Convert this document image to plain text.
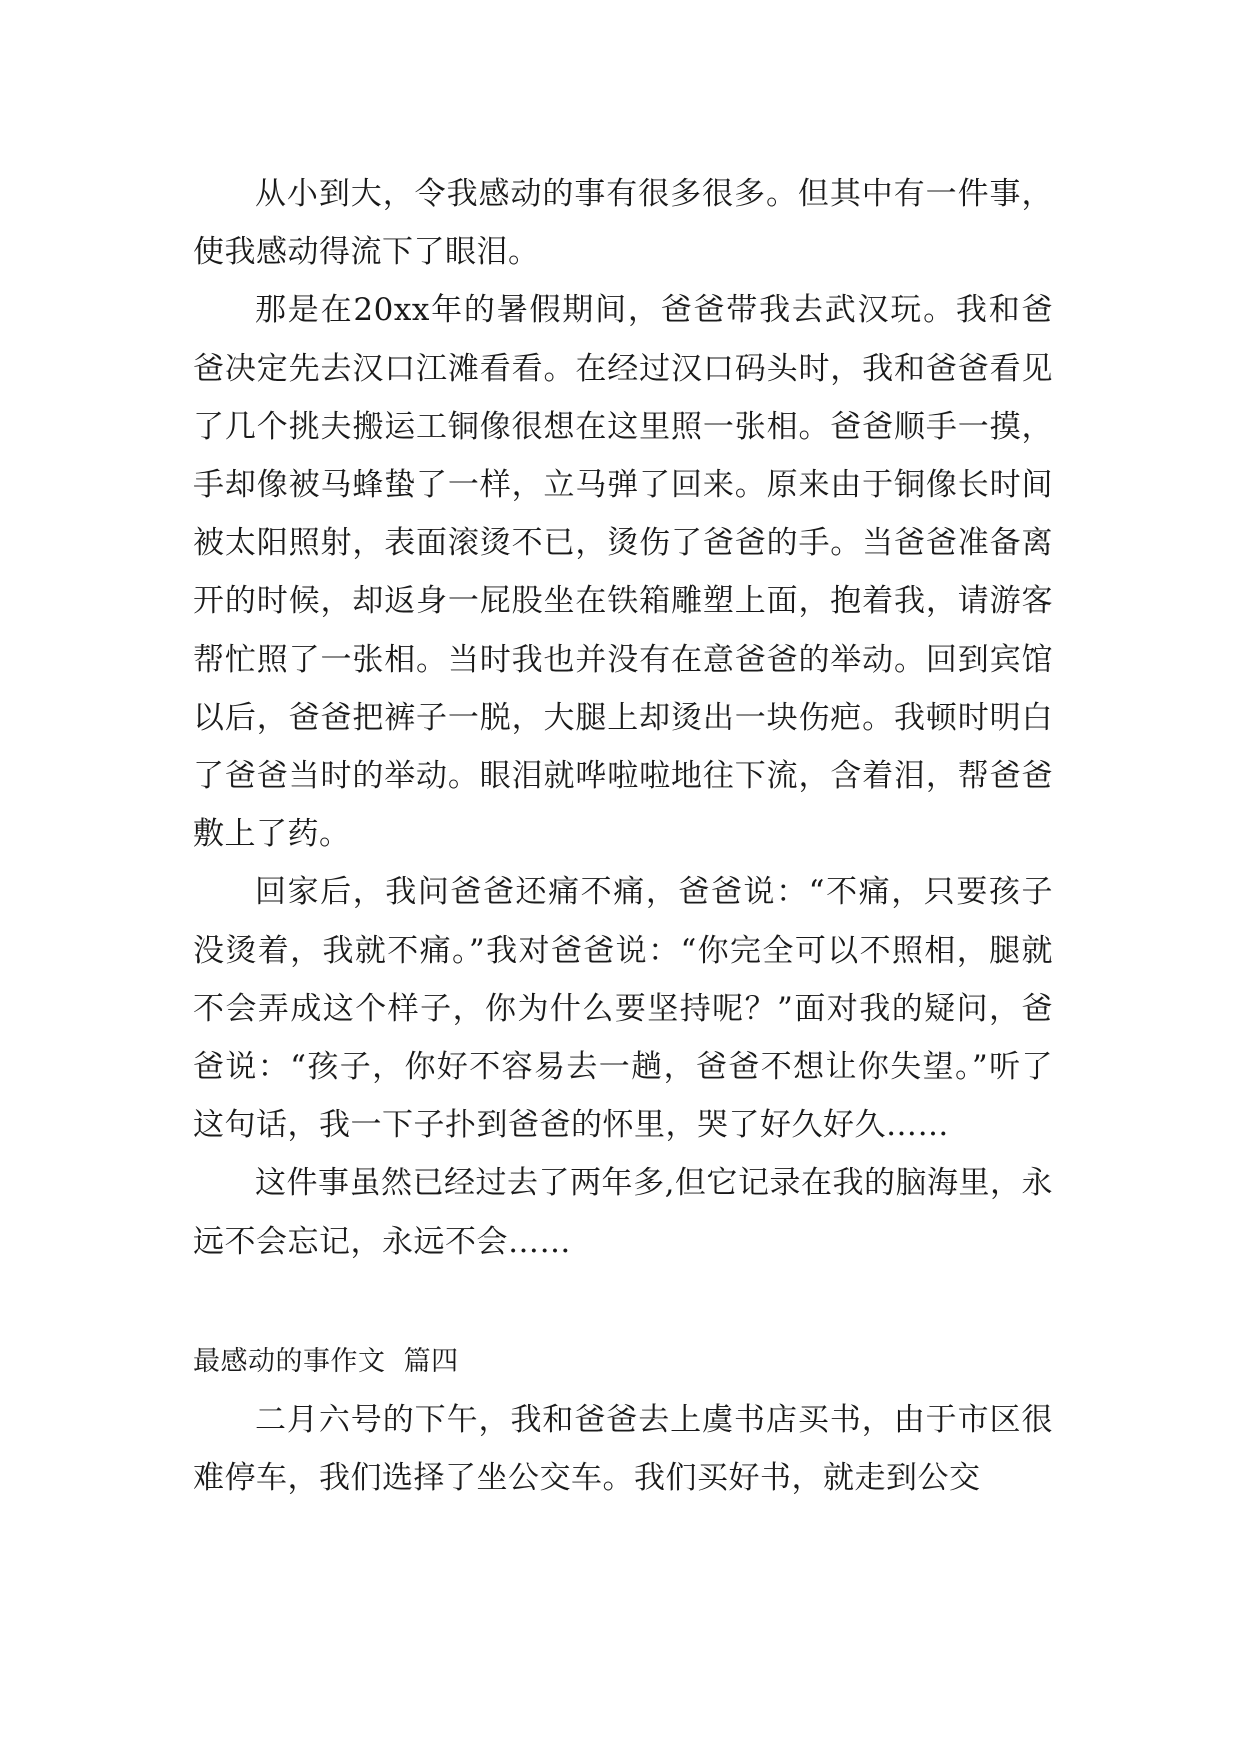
从小到大，令我感动的事有很多很多。但其中有一件事，使我感动得流下了眼泪。

那是在20xx年的暑假期间，爸爸带我去武汉玩。我和爸爸决定先去汉口江滩看看。在经过汉口码头时，我和爸爸看见了几个挑夫搬运工铜像很想在这里照一张相。爸爸顺手一摸，手却像被马蜂蛰了一样，立马弹了回来。原来由于铜像长时间被太阳照射，表面滚烫不已，烫伤了爸爸的手。当爸爸准备离开的时候，却返身一屁股坐在铁箱雕塑上面，抱着我，请游客帮忙照了一张相。当时我也并没有在意爸爸的举动。回到宾馆以后，爸爸把裤子一脱，大腿上却烫出一块伤疤。我顿时明白了爸爸当时的举动。眼泪就哗啦啦地往下流，含着泪，帮爸爸敷上了药。

回家后，我问爸爸还痛不痛，爸爸说：“不痛，只要孩子没烫着，我就不痛。”我对爸爸说：“你完全可以不照相，腿就不会弄成这个样子，你为什么要坚持呢？”面对我的疑问，爸爸说：“孩子，你好不容易去一趟，爸爸不想让你失望。”听了这句话，我一下子扑到爸爸的怀里，哭了好久好久……

这件事虽然已经过去了两年多,但它记录在我的脑海里，永远不会忘记，永远不会……

最感动的事作文  篇四

二月六号的下午，我和爸爸去上虞书店买书，由于市区很难停车，我们选择了坐公交车。我们买好书，就走到公交
